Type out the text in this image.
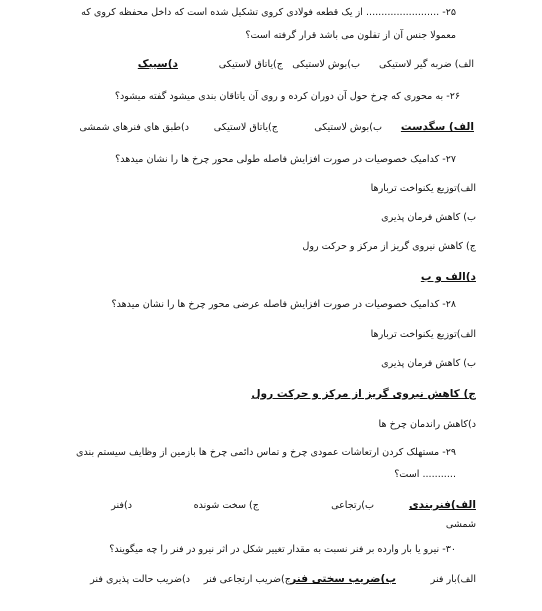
۲۵- ........................ از یک قطعه فولادی کروی تشکیل شده است که داخل محفظه کروی که
معمولا جنس آن از تفلون می باشد قرار گرفته است؟
الف) ضربه گیر لاستیکی
ب)بوش لاستیکی
ج)یاتاق لاستیکی
د)سیبک
۲۶- به محوری که چرخ حول آن دوران کرده و روی آن یاتاقان بندی میشود گفته میشود؟
الف) سگدست
ب)بوش لاستیکی
ج)یاتاق لاستیکی
د)طبق های فنرهای شمشی
۲۷- کدامیک خصوصیات در صورت افزایش فاصله طولی محور چرخ ها را نشان میدهد؟
الف)توزیع یکنواخت تربارها
ب) کاهش فرمان پذیری
ج) کاهش نیروی گریز از مرکز و حرکت رول
د)الف و ب
۲۸- کدامیک خصوصیات در صورت افزایش فاصله عرضی محور چرخ ها را نشان میدهد؟
الف)توزیع یکنواخت تربارها
ب) کاهش فرمان پذیری
ج) کاهش نیروی گریز از مرکز و حرکت رول
د)کاهش راندمان چرخ ها
۲۹- مستهلک کردن ارتعاشات عمودی چرخ و تماس دائمی چرخ ها بازمین از وظایف سیستم بندی
........... است؟
الف)فنربندی
ب)رتجاعی
ج) سخت شونده
د)فنر
شمشی
۳۰- نیرو یا بار وارده بر فنر نسبت به مقدار تغییر شکل در اثر نیرو در فنر را چه میگویند؟
الف)بار فنر
ب)ضریب سختی فنر
ج)ضریب ارتجاعی فنر
د)ضریب حالت پذیری فنر
